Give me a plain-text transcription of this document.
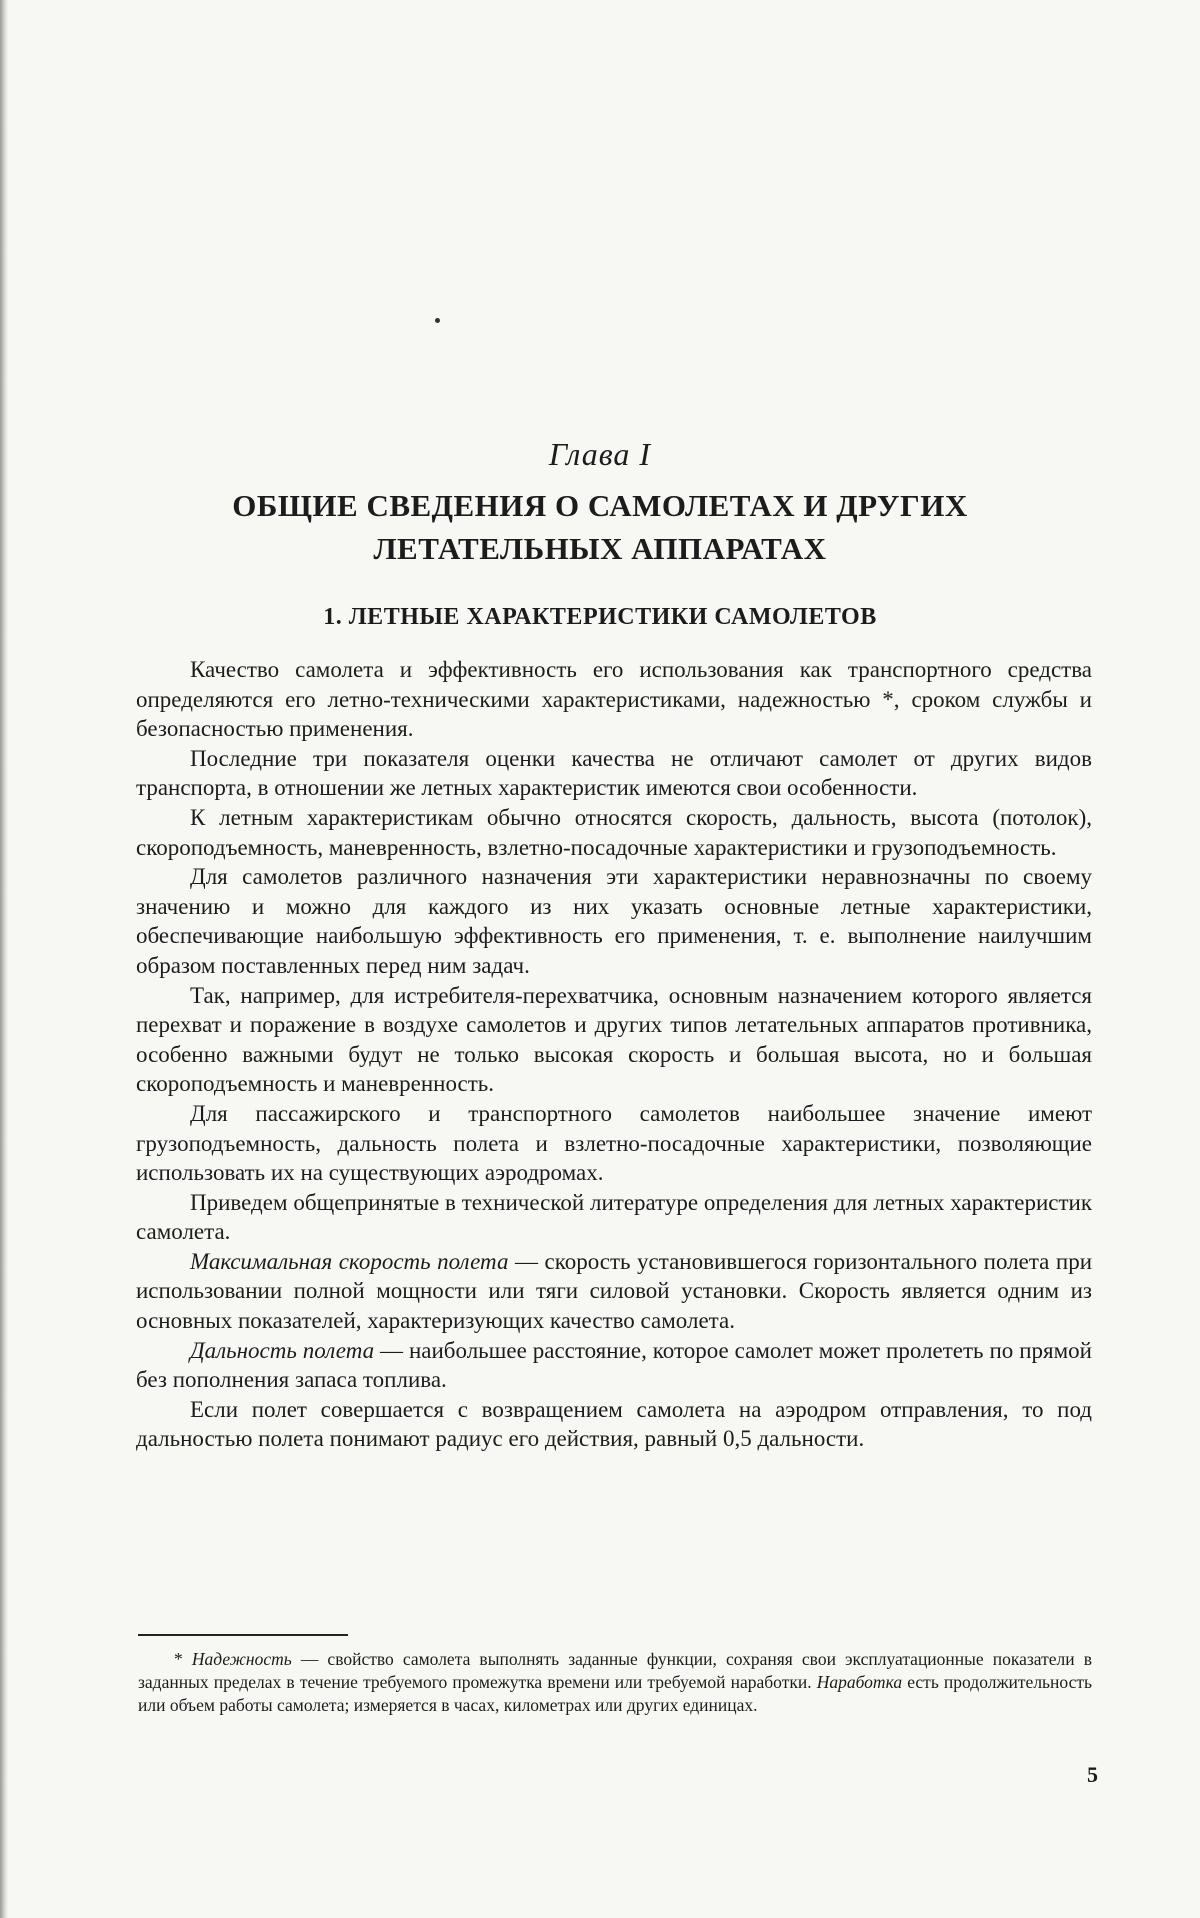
Глава I
ОБЩИЕ СВЕДЕНИЯ О САМОЛЕТАХ И ДРУГИХ
ЛЕТАТЕЛЬНЫХ АППАРАТАХ
1. ЛЕТНЫЕ ХАРАКТЕРИСТИКИ САМОЛЕТОВ

Качество самолета и эффективность его использования как транспортного средства определяются его летно-техническими характеристиками, надежностью *, сроком службы и безопасностью применения.

Последние три показателя оценки качества не отличают самолет от других видов транспорта, в отношении же летных характеристик имеются свои особенности.

К летным характеристикам обычно относятся скорость, дальность, высота (потолок), скороподъемность, маневренность, взлетно-посадочные характеристики и грузоподъемность.

Для самолетов различного назначения эти характеристики неравнозначны по своему значению и можно для каждого из них указать основные летные характеристики, обеспечивающие наибольшую эффективность его применения, т. е. выполнение наилучшим образом поставленных перед ним задач.

Так, например, для истребителя-перехватчика, основным назначением которого является перехват и поражение в воздухе самолетов и других типов летательных аппаратов противника, особенно важными будут не только высокая скорость и большая высота, но и большая скороподъемность и маневренность.

Для пассажирского и транспортного самолетов наибольшее значение имеют грузоподъемность, дальность полета и взлетно-посадочные характеристики, позволяющие использовать их на существующих аэродромах.

Приведем общепринятые в технической литературе определения для летных характеристик самолета.

Максимальная скорость полета — скорость установившегося горизонтального полета при использовании полной мощности или тяги силовой установки. Скорость является одним из основных показателей, характеризующих качество самолета.

Дальность полета — наибольшее расстояние, которое самолет может пролететь по прямой без пополнения запаса топлива.

Если полет совершается с возвращением самолета на аэродром отправления, то под дальностью полета понимают радиус его действия, равный 0,5 дальности.

* Надежность — свойство самолета выполнять заданные функции, сохраняя свои эксплуатационные показатели в заданных пределах в течение требуемого промежутка времени или требуемой наработки. Наработка есть продолжительность или объем работы самолета; измеряется в часах, километрах или других единицах.

5
